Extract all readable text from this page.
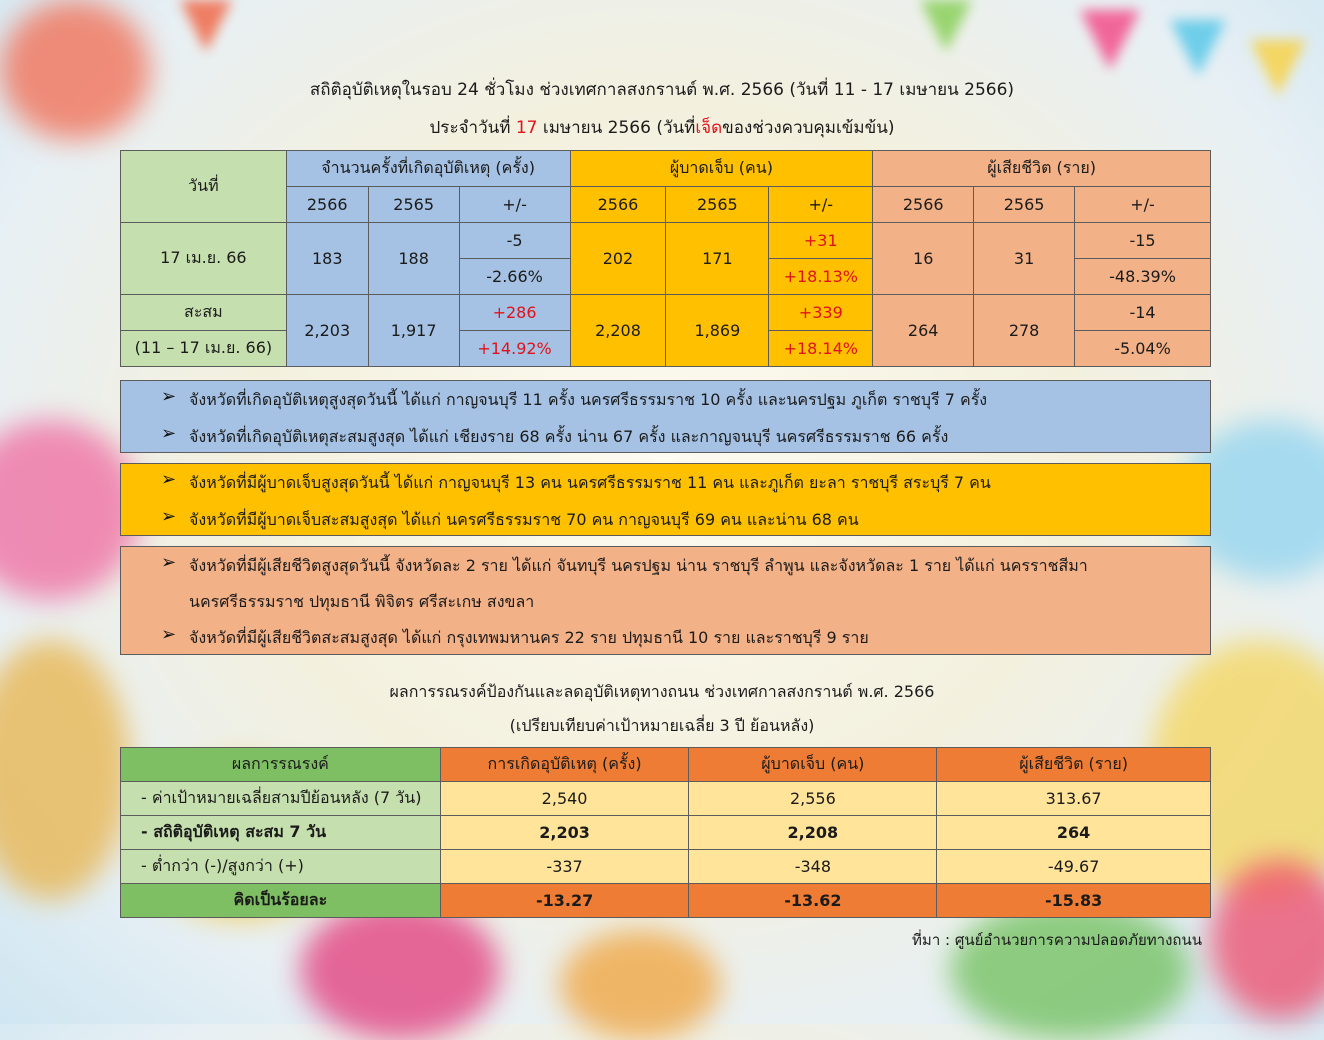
สถิติอุบัติเหตุในรอบ 24 ชั่วโมง ช่วงเทศกาลสงกรานต์ พ.ศ. 2566 (วันที่ 11 - 17 เมษายน 2566)
ประจำวันที่ 17 เมษายน 2566 (วันที่เจ็ดของช่วงควบคุมเข้มข้น)
วันที่	จำนวนครั้งที่เกิดอุบัติเหตุ (ครั้ง)			ผู้บาดเจ็บ (คน)			ผู้เสียชีวิต (ราย)		
	2566	2565	+/-	2566	2565	+/-	2566	2565	+/-
17 เม.ย. 66	183	188	-5	202	171	+31	16	31	-15
			-2.66%			+18.13%			-48.39%
สะสม	2,203	1,917	+286	2,208	1,869	+339	264	278	-14
(11 – 17 เม.ย. 66)			+14.92%			+18.14%			-5.04%
➢ จังหวัดที่เกิดอุบัติเหตุสูงสุดวันนี้ ได้แก่ กาญจนบุรี 11 ครั้ง นครศรีธรรมราช 10 ครั้ง และนครปฐม ภูเก็ต ราชบุรี 7 ครั้ง
➢ จังหวัดที่เกิดอุบัติเหตุสะสมสูงสุด ได้แก่ เชียงราย 68 ครั้ง น่าน 67 ครั้ง และกาญจนบุรี นครศรีธรรมราช 66 ครั้ง
➢ จังหวัดที่มีผู้บาดเจ็บสูงสุดวันนี้ ได้แก่ กาญจนบุรี 13 คน นครศรีธรรมราช 11 คน และภูเก็ต ยะลา ราชบุรี สระบุรี 7 คน
➢ จังหวัดที่มีผู้บาดเจ็บสะสมสูงสุด ได้แก่ นครศรีธรรมราช 70 คน กาญจนบุรี 69 คน และน่าน 68 คน
➢ จังหวัดที่มีผู้เสียชีวิตสูงสุดวันนี้ จังหวัดละ 2 ราย ได้แก่ จันทบุรี นครปฐม น่าน ราชบุรี ลำพูน และจังหวัดละ 1 ราย ได้แก่ นครราชสีมา
นครศรีธรรมราช ปทุมธานี พิจิตร ศรีสะเกษ สงขลา
➢ จังหวัดที่มีผู้เสียชีวิตสะสมสูงสุด ได้แก่ กรุงเทพมหานคร 22 ราย ปทุมธานี 10 ราย และราชบุรี 9 ราย
ผลการรณรงค์ป้องกันและลดอุบัติเหตุทางถนน ช่วงเทศกาลสงกรานต์ พ.ศ. 2566
(เปรียบเทียบค่าเป้าหมายเฉลี่ย 3 ปี ย้อนหลัง)
ผลการรณรงค์	การเกิดอุบัติเหตุ (ครั้ง)	ผู้บาดเจ็บ (คน)	ผู้เสียชีวิต (ราย)
- ค่าเป้าหมายเฉลี่ยสามปีย้อนหลัง (7 วัน)	2,540	2,556	313.67
- สถิติอุบัติเหตุ สะสม 7 วัน	2,203	2,208	264
- ต่ำกว่า (-)/สูงกว่า (+)	-337	-348	-49.67
คิดเป็นร้อยละ	-13.27	-13.62	-15.83
ที่มา : ศูนย์อำนวยการความปลอดภัยทางถนน
